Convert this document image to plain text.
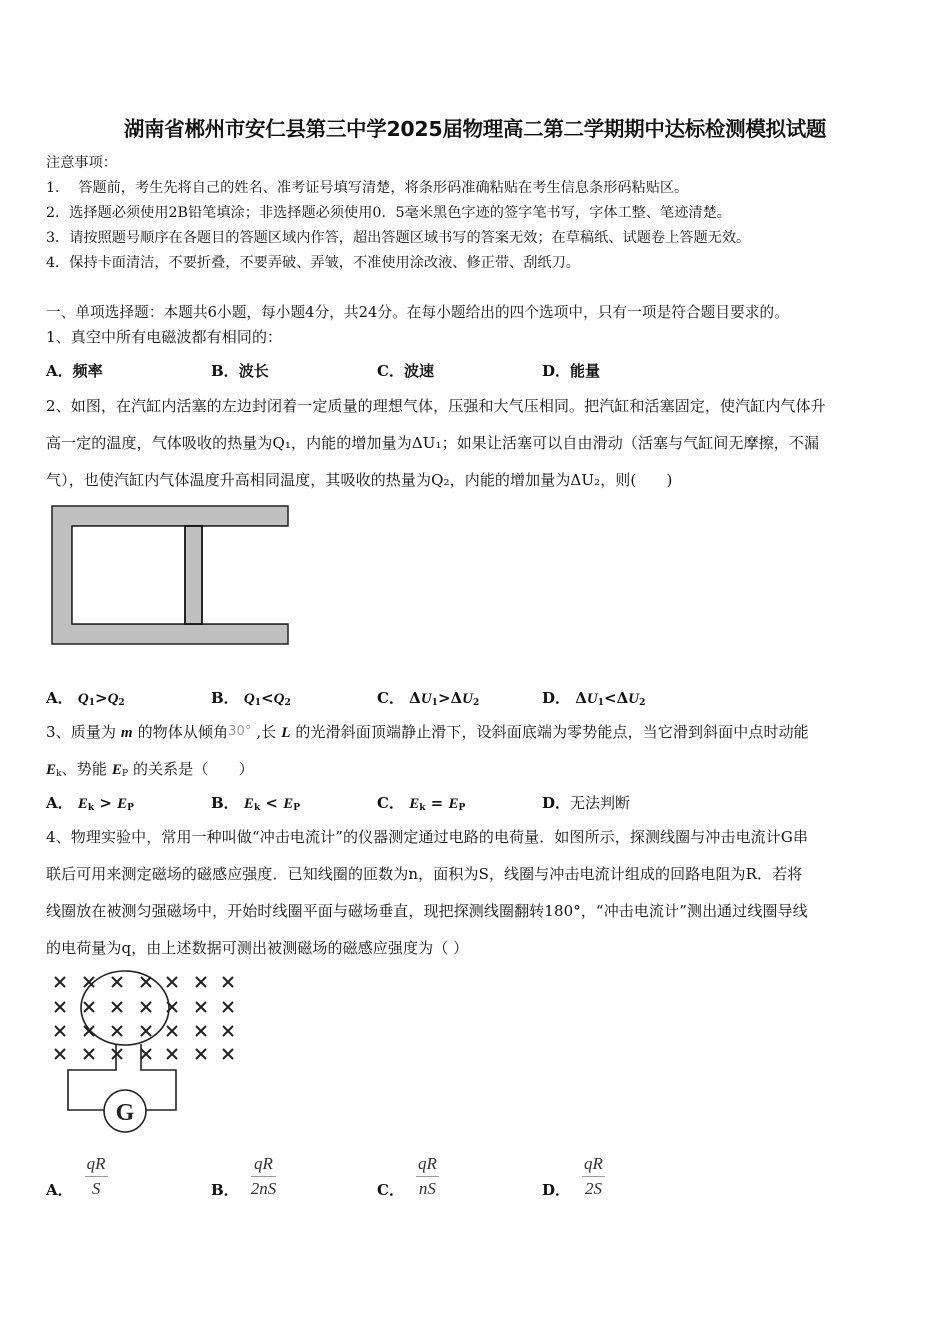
湖南省郴州市安仁县第三中学2025届物理高二第二学期期中达标检测模拟试题
注意事项：
1.　 答题前，考生先将自己的姓名、准考证号填写清楚，将条形码准确粘贴在考生信息条形码粘贴区。
2．选择题必须使用2B铅笔填涂；非选择题必须使用0．5毫米黑色字迹的签字笔书写，字体工整、笔迹清楚。
3．请按照题号顺序在各题目的答题区域内作答，超出答题区域书写的答案无效；在草稿纸、试题卷上答题无效。
4．保持卡面清洁，不要折叠，不要弄破、弄皱，不准使用涂改液、修正带、刮纸刀。
一、单项选择题：本题共6小题，每小题4分，共24分。在每小题给出的四个选项中，只有一项是符合题目要求的。
1、真空中所有电磁波都有相同的：
A．频率	B．波长	C．波速	D．能量
2、如图，在汽缸内活塞的左边封闭着一定质量的理想气体，压强和大气压相同。把汽缸和活塞固定，使汽缸内气体升
高一定的温度，气体吸收的热量为Q₁，内能的增加量为ΔU₁；如果让活塞可以自由滑动（活塞与气缸间无摩擦，不漏
气），也使汽缸内气体温度升高相同温度，其吸收的热量为Q₂，内能的增加量为ΔU₂，则(　　)
A． $Q_1>Q_2$	B． $Q_1<Q_2$	C． $\Delta U_1>\Delta U_2$	D． $\Delta U_1<\Delta U_2$
3、质量为 m 的物体从倾角30° ,长 L 的光滑斜面顶端静止滑下，设斜面底端为零势能点，当它滑到斜面中点时动能
$E_k$、势能 $E_P$ 的关系是（　　）
A． $E_k > E_P$	B． $E_k < E_P$	C． $E_k = E_P$	D．无法判断
4、物理实验中，常用一种叫做“冲击电流计”的仪器测定通过电路的电荷量．如图所示，探测线圈与冲击电流计G串
联后可用来测定磁场的磁感应强度．已知线圈的匝数为n，面积为S，线圈与冲击电流计组成的回路电阻为R．若将
线圈放在被测匀强磁场中，开始时线圈平面与磁场垂直，现把探测线圈翻转180°，“冲击电流计”测出通过线圈导线
的电荷量为q，由上述数据可测出被测磁场的磁感应强度为（ ）
G
A． $\frac{qR}{S}$	B． $\frac{qR}{2nS}$	C． $\frac{qR}{nS}$	D． $\frac{qR}{2S}$
